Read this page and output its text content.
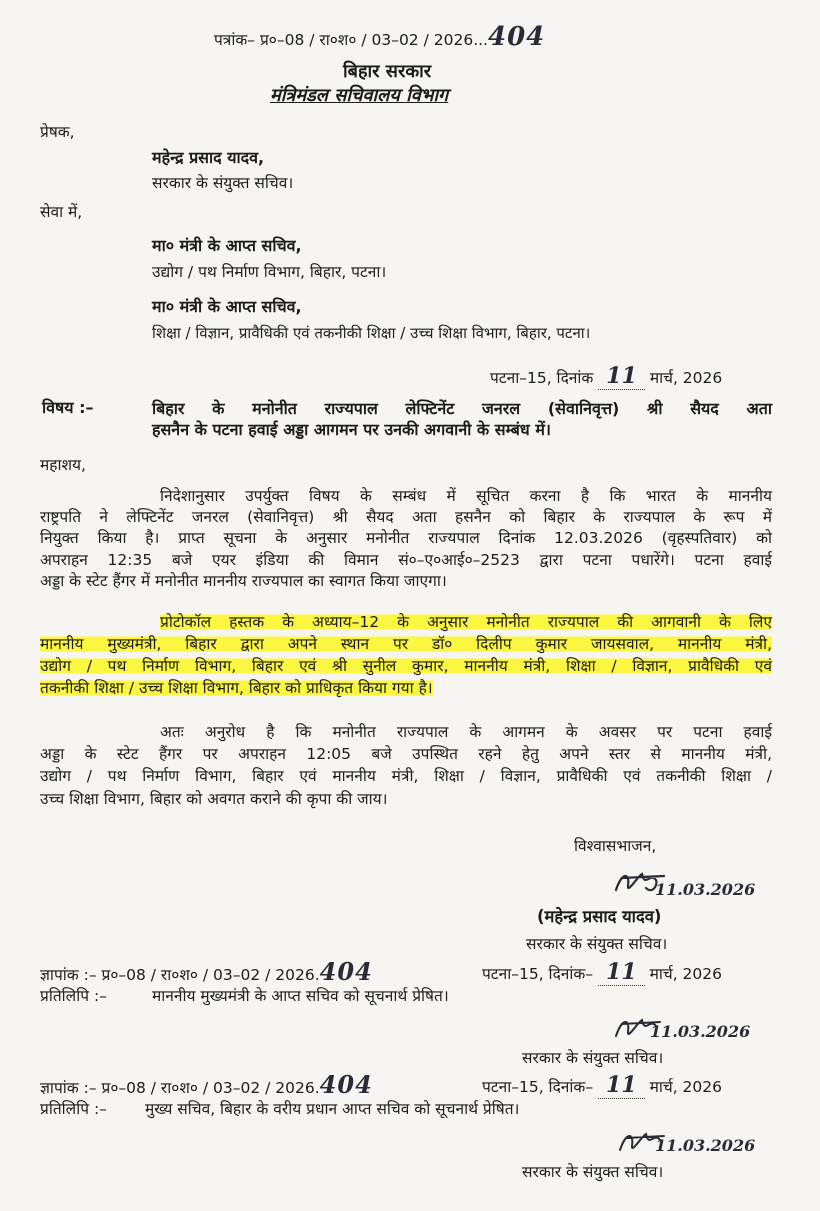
पत्रांक– प्र०–08 / रा०श० / 03–02 / 2026...404
बिहार सरकार
मंत्रिमंडल सचिवालय विभाग
प्रेषक,
महेन्द्र प्रसाद यादव,
सरकार के संयुक्त सचिव।
सेवा में,
मा० मंत्री के आप्त सचिव,
उद्योग / पथ निर्माण विभाग, बिहार, पटना।
मा० मंत्री के आप्त सचिव,
शिक्षा / विज्ञान, प्रावैधिकी एवं तकनीकी शिक्षा / उच्च शिक्षा विभाग, बिहार, पटना।
पटना–15, दिनांक 11 मार्च, 2026
विषय :–	बिहार के मनोनीत राज्यपाल लेफ्टिनेंट जनरल (सेवानिवृत्त) श्री सैयद अता
हसनैन के पटना हवाई अड्डा आगमन पर उनकी अगवानी के सम्बंध में।
महाशय,
निदेशानुसार उपर्युक्त विषय के सम्बंध में सूचित करना है कि भारत के माननीय
राष्ट्रपति ने लेफ्टिनेंट जनरल (सेवानिवृत्त) श्री सैयद अता हसनैन को बिहार के राज्यपाल के रूप में
नियुक्त किया है। प्राप्त सूचना के अनुसार मनोनीत राज्यपाल दिनांक 12.03.2026 (वृहस्पतिवार) को
अपराहन 12:35 बजे एयर इंडिया की विमान सं०–ए०आई०–2523 द्वारा पटना पधारेंगे। पटना हवाई
अड्डा के स्टेट हैंगर में मनोनीत माननीय राज्यपाल का स्वागत किया जाएगा।
प्रोटोकॉल हस्तक के अध्याय–12 के अनुसार मनोनीत राज्यपाल की आगवानी के लिए
माननीय मुख्यमंत्री, बिहार द्वारा अपने स्थान पर डॉ० दिलीप कुमार जायसवाल, माननीय मंत्री,
उद्योग / पथ निर्माण विभाग, बिहार एवं श्री सुनील कुमार, माननीय मंत्री, शिक्षा / विज्ञान, प्रावैधिकी एवं
तकनीकी शिक्षा / उच्च शिक्षा विभाग, बिहार को प्राधिकृत किया गया है।
अतः अनुरोध है कि मनोनीत राज्यपाल के आगमन के अवसर पर पटना हवाई
अड्डा के स्टेट हैंगर पर अपराहन 12:05 बजे उपस्थित रहने हेतु अपने स्तर से माननीय मंत्री,
उद्योग / पथ निर्माण विभाग, बिहार एवं माननीय मंत्री, शिक्षा / विज्ञान, प्रावैधिकी एवं तकनीकी शिक्षा /
उच्च शिक्षा विभाग, बिहार को अवगत कराने की कृपा की जाय।
विश्वासभाजन,
11.03.2026
(महेन्द्र प्रसाद यादव)
सरकार के संयुक्त सचिव।
ज्ञापांक :– प्र०–08 / रा०श० / 03–02 / 2026.404	पटना–15, दिनांक– 11 मार्च, 2026
प्रतिलिपि :–	माननीय मुख्यमंत्री के आप्त सचिव को सूचनार्थ प्रेषित।
11.03.2026
सरकार के संयुक्त सचिव।
ज्ञापांक :– प्र०–08 / रा०श० / 03–02 / 2026.404	पटना–15, दिनांक– 11 मार्च, 2026
प्रतिलिपि :– मुख्य सचिव, बिहार के वरीय प्रधान आप्त सचिव को सूचनार्थ प्रेषित।
11.03.2026
सरकार के संयुक्त सचिव।
